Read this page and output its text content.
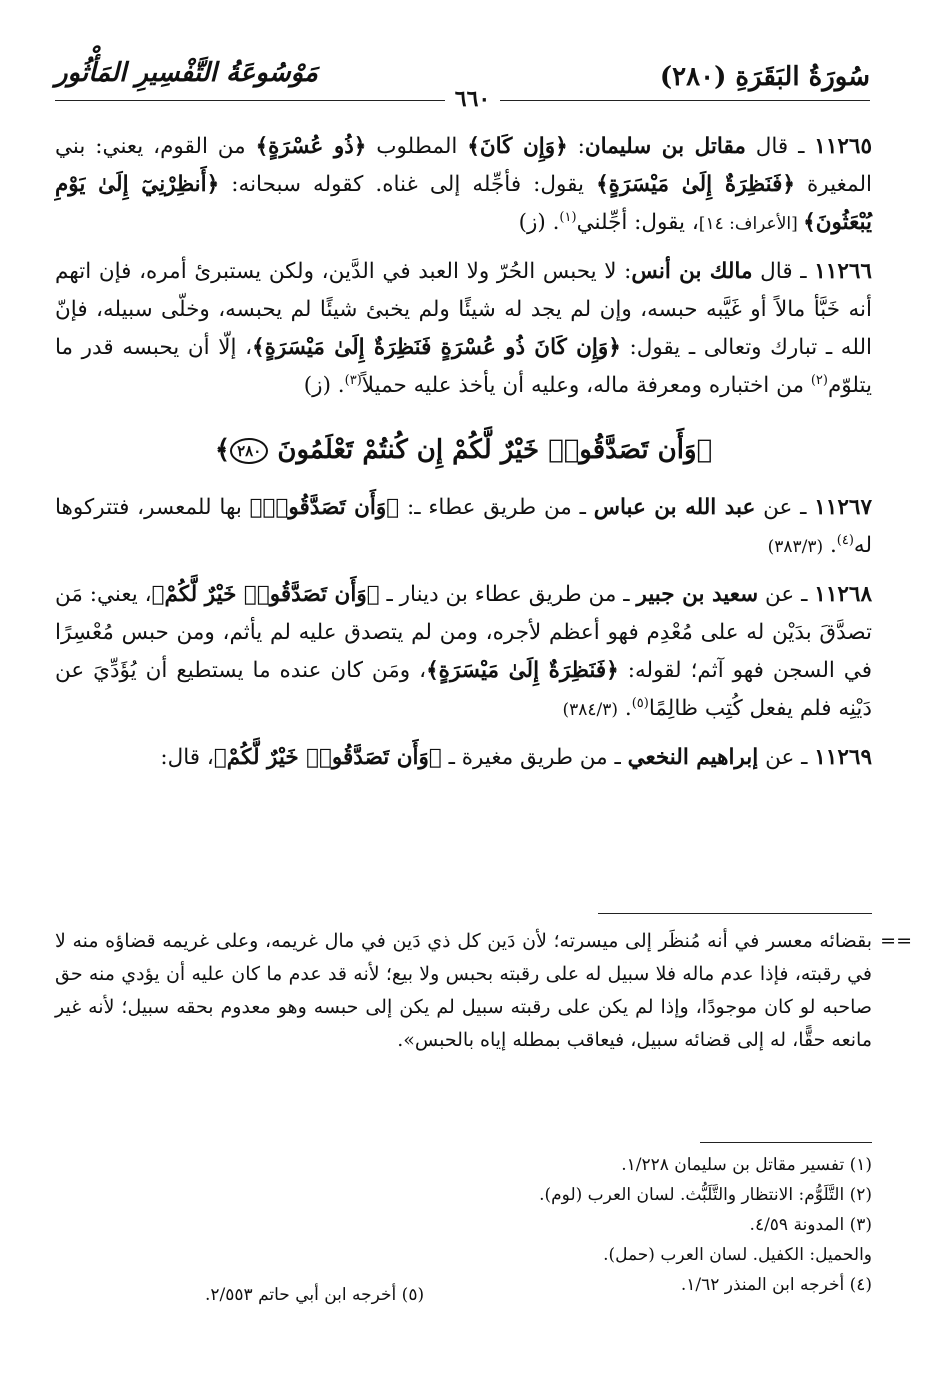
سُورَةُ البَقَرَةِ (٢٨٠)
مَوْسُوعَةُ التَّفْسِيرِ المَأْثُور
٦٦٠

١١٢٦٥ ـ قال مقاتل بن سليمان: ﴿وَإِن كَانَ﴾ المطلوب ﴿ذُو عُسْرَةٍ﴾ من القوم، يعني: بني المغيرة ﴿فَنَظِرَةٌ إِلَىٰ مَيْسَرَةٍ﴾ يقول: فأجِّله إلى غناه. كقوله سبحانه: ﴿أَنظِرْنِيٓ إِلَىٰ يَوْمِ يُبْعَثُونَ﴾ [الأعراف: ١٤]، يقول: أجِّلني$^{(١)}$. (ز)

١١٢٦٦ ـ قال مالك بن أنس: لا يحبس الحُرّ ولا العبد في الدَّين، ولكن يستبرئ أمره، فإن اتهم أنه خَبَّأ مالاً أو غَيَّبه حبسه، وإن لم يجد له شيئًا ولم يخبئ شيئًا لم يحبسه، وخلّى سبيله، فإنّ الله ـ تبارك وتعالى ـ يقول: ﴿وَإِن كَانَ ذُو عُسْرَةٍ فَنَظِرَةٌ إِلَىٰ مَيْسَرَةٍ﴾، إلّا أن يحبسه قدر ما يتلوّم$^{(٢)}$ من اختباره ومعرفة ماله، وعليه أن يأخذ عليه حميلاً$^{(٣)}$. (ز)

﴿وَأَن تَصَدَّقُوا۟ خَيْرٌ لَّكُمْ إِن كُنتُمْ تَعْلَمُونَ ٢٨٠﴾

١١٢٦٧ ـ عن عبد الله بن عباس ـ من طريق عطاء ـ: ﴿وَأَن تَصَدَّقُوا۟﴾ بها للمعسر، فتتركوها له$^{(٤)}$. (٣٨٣/٣)

١١٢٦٨ ـ عن سعيد بن جبير ـ من طريق عطاء بن دينار ـ ﴿وَأَن تَصَدَّقُوا۟ خَيْرٌ لَّكُمْ﴾، يعني: مَن تصدَّقَ بدَيْن له على مُعْدِم فهو أعظم لأجره، ومن لم يتصدق عليه لم يأثم، ومن حبس مُعْسِرًا في السجن فهو آثم؛ لقوله: ﴿فَنَظِرَةٌ إِلَىٰ مَيْسَرَةٍ﴾، ومَن كان عنده ما يستطيع أن يُؤَدِّيَ عن دَيْنِه فلم يفعل كُتِب ظالِمًا$^{(٥)}$. (٣٨٤/٣)

١١٢٦٩ ـ عن إبراهيم النخعي ـ من طريق مغيرة ـ ﴿وَأَن تَصَدَّقُوا۟ خَيْرٌ لَّكُمْ﴾، قال:

==
بقضائه معسر في أنه مُنظَر إلى ميسرته؛ لأن دَين كل ذي دَين في مال غريمه، وعلى غريمه قضاؤه منه لا في رقبته، فإذا عدم ماله فلا سبيل له على رقبته بحبس ولا بيع؛ لأنه قد عدم ما كان عليه أن يؤدي منه حق صاحبه لو كان موجودًا، وإذا لم يكن على رقبته سبيل لم يكن إلى حبسه وهو معدوم بحقه سبيل؛ لأنه غير مانعه حقًّا، له إلى قضائه سبيل، فيعاقب بمطله إياه بالحبس».
(١) تفسير مقاتل بن سليمان ١/٢٢٨.
(٢) التَّلَوُّم: الانتظار والتَّلَبُّث. لسان العرب (لوم).
(٣) المدونة ٤/٥٩.
والحميل: الكفيل. لسان العرب (حمل).
(٤) أخرجه ابن المنذر ١/٦٢.
(٥) أخرجه ابن أبي حاتم ٢/٥٥٣.
